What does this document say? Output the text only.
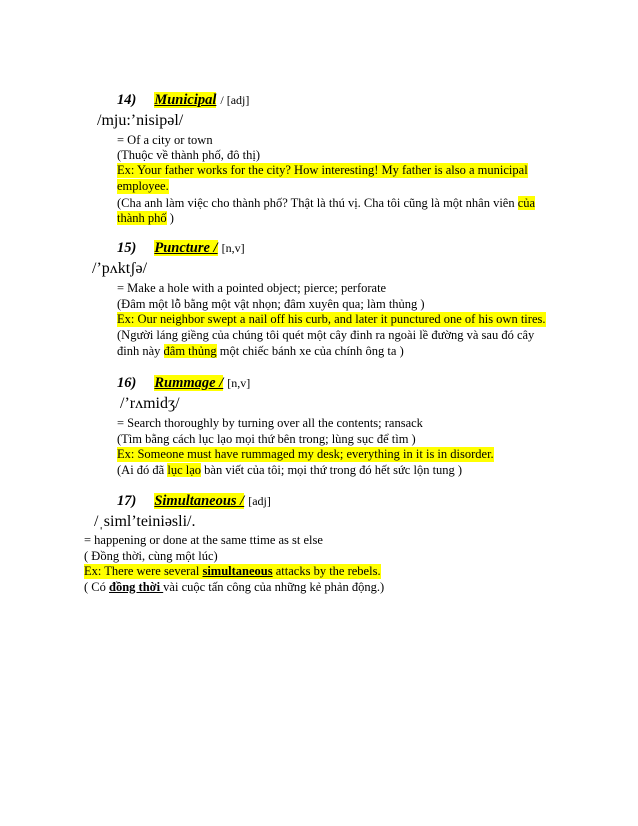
14) Municipal / [adj]
/mju:’nisipəl/
= Of a city or town
(Thuộc về thành phố, đô thị)
Ex: Your father works for the city? How interesting! My father is also a municipal
employee.
(Cha anh làm việc cho thành phố? Thật là thú vị. Cha tôi cũng là một nhân viên của
thành phố )
15) Puncture / [n,v]
/’pʌktʃə/
= Make a hole with a pointed object; pierce; perforate
(Đâm một lỗ bằng một vật nhọn; đâm xuyên qua; làm thủng )
Ex: Our neighbor swept a nail off his curb, and later it punctured one of his own tires.
(Người láng giềng của chúng tôi quét một cây đinh ra ngoài lề đường và sau đó cây
đinh này đâm thủng một chiếc bánh xe của chính ông ta )
16) Rummage / [n,v]
/’rʌmidʒ/
= Search thoroughly by turning over all the contents; ransack
(Tìm bằng cách lục lạo mọi thứ bên trong; lùng sục để tìm )
Ex: Someone must have rummaged my desk; everything in it is in disorder.
(Ai đó đã lục lạo bàn viết của tôi; mọi thứ trong đó hết sức lộn tung )
17) Simultaneous / [adj]
/ˌsiml’teiniəsli/.
= happening or done at the same ttime as st else
( Đồng thời, cùng một lúc)
Ex: There were several simultaneous attacks by the rebels.
( Có đồng thời vài cuộc tấn công của những kẻ phản động.)
